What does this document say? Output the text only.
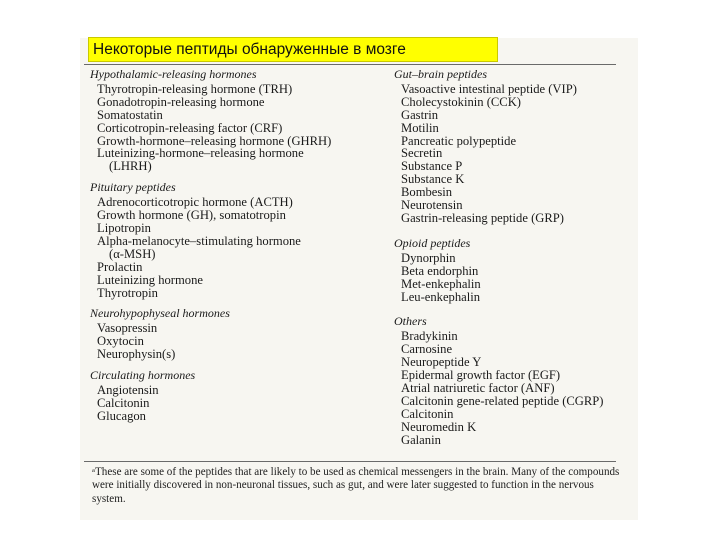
Некоторые пептиды обнаруженные в мозге
Hypothalamic-releasing hormones
Thyrotropin-releasing hormone (TRH)
Gonadotropin-releasing hormone
Somatostatin
Corticotropin-releasing factor (CRF)
Growth-hormone–releasing hormone (GHRH)
Luteinizing-hormone–releasing hormone
(LHRH)
Pituitary peptides
Adrenocorticotropic hormone (ACTH)
Growth hormone (GH), somatotropin
Lipotropin
Alpha-melanocyte–stimulating hormone
(α-MSH)
Prolactin
Luteinizing hormone
Thyrotropin
Neurohypophyseal hormones
Vasopressin
Oxytocin
Neurophysin(s)
Circulating hormones
Angiotensin
Calcitonin
Glucagon
Gut–brain peptides
Vasoactive intestinal peptide (VIP)
Cholecystokinin (CCK)
Gastrin
Motilin
Pancreatic polypeptide
Secretin
Substance P
Substance K
Bombesin
Neurotensin
Gastrin-releasing peptide (GRP)
Opioid peptides
Dynorphin
Beta endorphin
Met-enkephalin
Leu-enkephalin
Others
Bradykinin
Carnosine
Neuropeptide Y
Epidermal growth factor (EGF)
Atrial natriuretic factor (ANF)
Calcitonin gene-related peptide (CGRP)
Calcitonin
Neuromedin K
Galanin
ᵃThese are some of the peptides that are likely to be used as chemical messengers in the brain. Many of the compounds were initially discovered in non-neuronal tissues, such as gut, and were later suggested to function in the nervous system.
